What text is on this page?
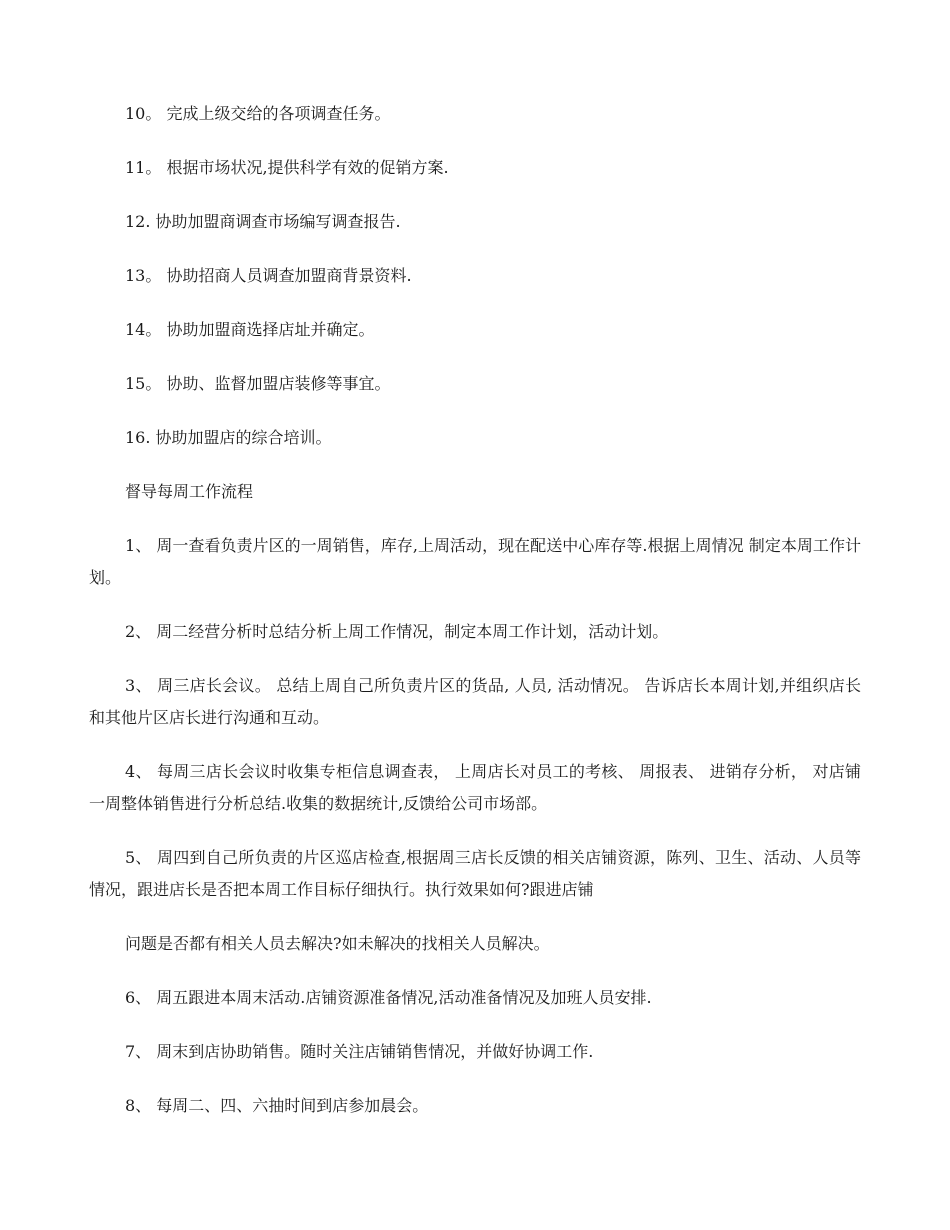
10。 完成上级交给的各项调查任务。

11。 根据市场状况,提供科学有效的促销方案.

12. 协助加盟商调查市场编写调查报告.

13。 协助招商人员调查加盟商背景资料.

14。 协助加盟商选择店址并确定。

15。 协助、监督加盟店装修等事宜。

16. 协助加盟店的综合培训。

督导每周工作流程

1、 周一查看负责片区的一周销售，库存,上周活动，现在配送中心库存等.根据上周情况 制定本周工作计划。

2、 周二经营分析时总结分析上周工作情况，制定本周工作计划，活动计划。

3、 周三店长会议。 总结上周自己所负责片区的货品, 人员, 活动情况。 告诉店长本周计划,并组织店长和其他片区店长进行沟通和互动。

4、 每周三店长会议时收集专柜信息调查表， 上周店长对员工的考核、 周报表、 进销存分析， 对店铺一周整体销售进行分析总结.收集的数据统计,反馈给公司市场部。

5、 周四到自己所负责的片区巡店检查,根据周三店长反馈的相关店铺资源，陈列、卫生、活动、人员等情况，跟进店长是否把本周工作目标仔细执行。执行效果如何?跟进店铺

问题是否都有相关人员去解决?如未解决的找相关人员解决。

6、 周五跟进本周末活动.店铺资源准备情况,活动准备情况及加班人员安排.

7、 周末到店协助销售。随时关注店铺销售情况，并做好协调工作.

8、 每周二、四、六抽时间到店参加晨会。
